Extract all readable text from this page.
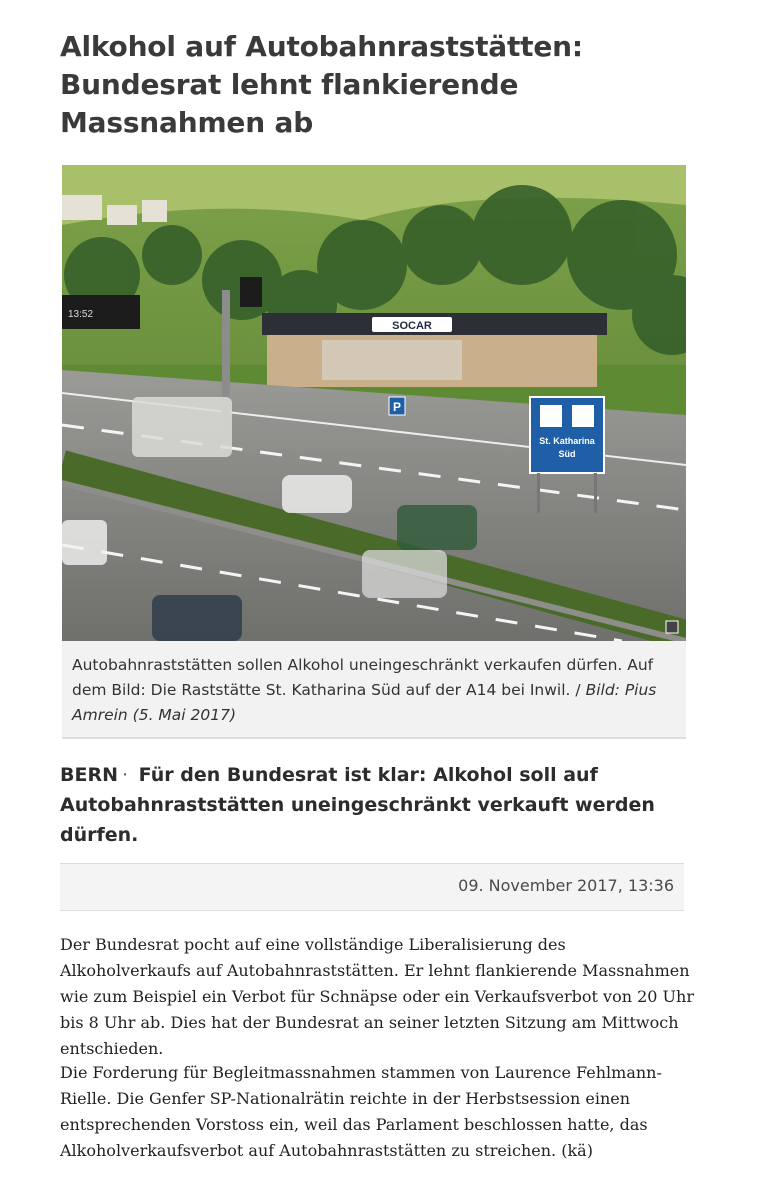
Alkohol auf Autobahnraststätten: Bundesrat lehnt flankierende Massnahmen ab
SOCAR
13:52
St. Katharina
Süd
P
Autobahnraststätten sollen Alkohol uneingeschränkt verkaufen dürfen. Auf dem Bild: Die Raststätte St. Katharina Süd auf der A14 bei Inwil. / Bild: Pius Amrein (5. Mai 2017)

BERN · Für den Bundesrat ist klar: Alkohol soll auf Autobahnraststätten uneingeschränkt verkauft werden dürfen.

09. November 2017, 13:36

Der Bundesrat pocht auf eine vollständige Liberalisierung des Alkoholverkaufs auf Autobahnraststätten. Er lehnt flankierende Massnahmen wie zum Beispiel ein Verbot für Schnäpse oder ein Verkaufsverbot von 20 Uhr bis 8 Uhr ab. Dies hat der Bundesrat an seiner letzten Sitzung am Mittwoch entschieden.

Die Forderung für Begleitmassnahmen stammen von Laurence Fehlmann-Rielle. Die Genfer SP-Nationalrätin reichte in der Herbstsession einen entsprechenden Vorstoss ein, weil das Parlament beschlossen hatte, das Alkoholverkaufsverbot auf Autobahnraststätten zu streichen. (kä)
